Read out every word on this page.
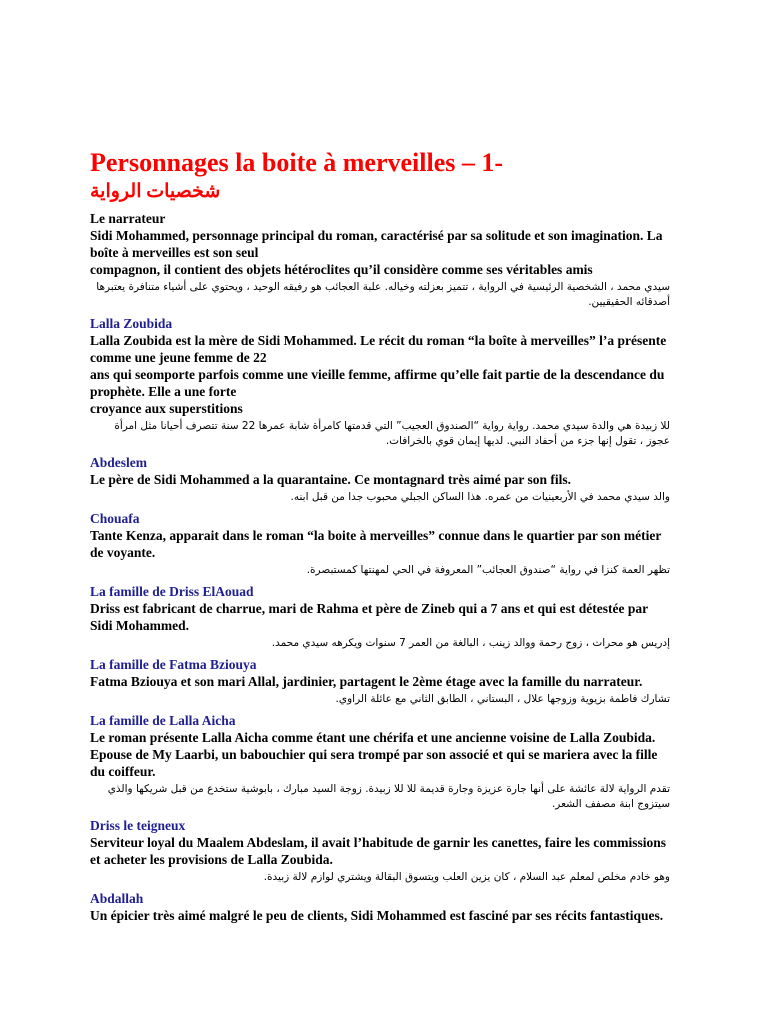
Personnages la boite à merveilles – 1-
شخصيات الرواية

Le narrateur

Sidi Mohammed, personnage principal du roman, caractérisé par sa solitude et son imagination. La boîte à merveilles est son seul

compagnon, il contient des objets hétéroclites qu’il considère comme ses véritables amis

سيدي محمد ، الشخصية الرئيسية في الرواية ، تتميز بعزلته وخياله. علبة العجائب هو رفيقه الوحيد ، ويحتوي على أشياء متنافرة يعتبرها أصدقائه الحقيقيين.

Lalla Zoubida

Lalla Zoubida est la mère de Sidi Mohammed. Le récit du roman “la boîte à merveilles” l’a présente comme une jeune femme de 22

ans qui seomporte parfois comme une vieille femme, affirme qu’elle fait partie de la descendance du prophète. Elle a une forte

croyance aux superstitions

للا زبيدة هي والدة سيدي محمد. رواية رواية “الصندوق العجيب” التي قدمتها كامرأة شابة عمرها 22 سنة تتصرف أحيانا مثل امرأة عجوز ، تقول إنها جزء من أحفاد النبي. لديها إيمان قوي بالخرافات.

Abdeslem

Le père de Sidi Mohammed a la quarantaine. Ce montagnard très aimé par son fils.

والد سيدي محمد في الأربعينيات من عمره. هذا الساكن الجبلي محبوب جدا من قبل ابنه.

Chouafa

Tante Kenza, apparait dans le roman “la boite à merveilles” connue dans le quartier par son métier de voyante.

تظهر العمة كنزا في رواية “صندوق العجائب” المعروفة في الحي لمهنتها كمستبصرة.

La famille de Driss ElAouad

Driss est fabricant de charrue, mari de Rahma et père de Zineb qui a 7 ans et qui est détestée par Sidi Mohammed.

إدريس هو محرات ، زوج رحمة ووالد زينب ، البالغة من العمر 7 سنوات ويكرهه سيدي محمد.

La famille de Fatma Bziouya

Fatma Bziouya et son mari Allal, jardinier, partagent le 2ème étage avec la famille du narrateur.

تشارك فاطمة بزيوية وزوجها علال ، البستاني ، الطابق الثاني مع عائلة الراوي.

La famille de Lalla Aicha

Le roman présente Lalla Aicha comme étant une chérifa et une ancienne voisine de Lalla Zoubida. Epouse de My Laarbi, un babouchier qui sera trompé par son associé et qui se mariera avec la fille du coiffeur.

تقدم الرواية لالة عائشة على أنها جارة عزيزة وجارة قديمة للا للا زبيدة. زوجة السيد مبارك ، بابوشية ستخدع من قبل شريكها والذي سيتزوج ابنة مصفف الشعر.

Driss le teigneux

Serviteur loyal du Maalem Abdeslam, il avait l’habitude de garnir les canettes, faire les commissions et acheter les provisions de Lalla Zoubida.

وهو خادم مخلص لمعلم عبد السلام ، كان يزين العلب ويتسوق البقالة ويشتري لوازم لالة زبيدة.

Abdallah

Un épicier très aimé malgré le peu de clients, Sidi Mohammed est fasciné par ses récits fantastiques.
